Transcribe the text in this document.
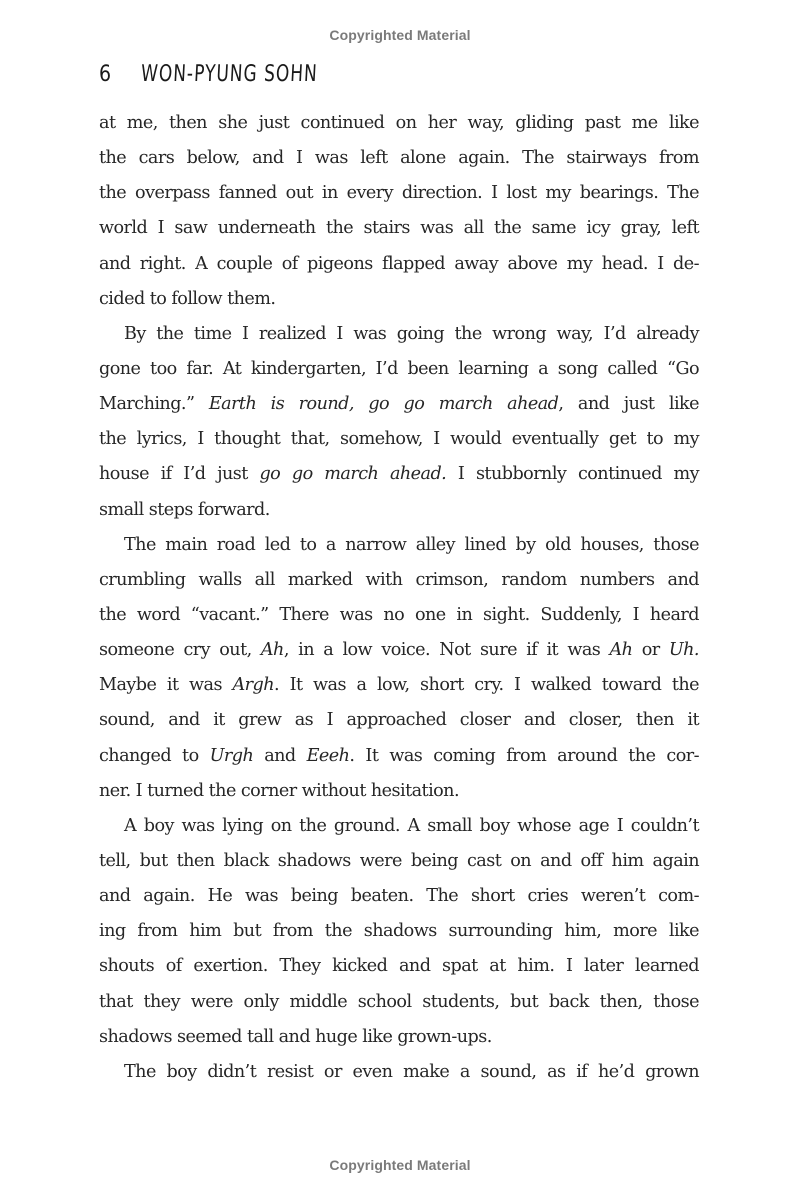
Copyrighted Material
6	WON-PYUNG SOHN
at me, then she just continued on her way, gliding past me like
the cars below, and I was left alone again. The stairways from
the overpass fanned out in every direction. I lost my bearings. The
world I saw underneath the stairs was all the same icy gray, left
and right. A couple of pigeons flapped away above my head. I de-
cided to follow them.
By the time I realized I was going the wrong way, I’d already
gone too far. At kindergarten, I’d been learning a song called “Go
Marching.” Earth is round, go go march ahead, and just like
the lyrics, I thought that, somehow, I would eventually get to my
house if I’d just go go march ahead. I stubbornly continued my
small steps forward.
The main road led to a narrow alley lined by old houses, those
crumbling walls all marked with crimson, random numbers and
the word “vacant.” There was no one in sight. Suddenly, I heard
someone cry out, Ah, in a low voice. Not sure if it was Ah or Uh.
Maybe it was Argh. It was a low, short cry. I walked toward the
sound, and it grew as I approached closer and closer, then it
changed to Urgh and Eeeh. It was coming from around the cor-
ner. I turned the corner without hesitation.
A boy was lying on the ground. A small boy whose age I couldn’t
tell, but then black shadows were being cast on and off him again
and again. He was being beaten. The short cries weren’t com-
ing from him but from the shadows surrounding him, more like
shouts of exertion. They kicked and spat at him. I later learned
that they were only middle school students, but back then, those
shadows seemed tall and huge like grown-ups.
The boy didn’t resist or even make a sound, as if he’d grown
Copyrighted Material
